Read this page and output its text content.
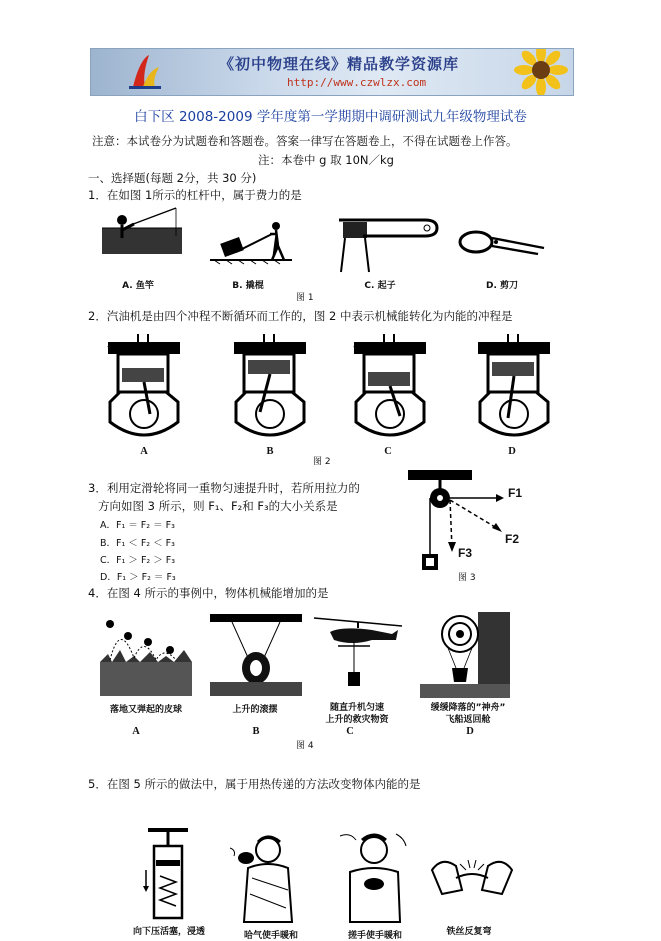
《初中物理在线》精品教学资源库
http://www.czwlzx.com
白下区 2008-2009 学年度第一学期期中调研测试九年级物理试卷
注意：本试卷分为试题卷和答题卷。答案一律写在答题卷上，不得在试题卷上作答。
注：本卷中 g 取 10N／kg
一、选择题(每题 2分，共 30 分)
1．在如图 1所示的杠杆中，属于费力的是
A. 鱼竿	B. 撬棍	C. 起子	D. 剪刀
图 1
2．汽油机是由四个冲程不断循环而工作的，图 2 中表示机械能转化为内能的冲程是
A	B	C	D
图 2
3．利用定滑轮将同一重物匀速提升时，若所用拉力的
方向如图 3 所示，则 F₁、F₂和 F₃的大小关系是
A．F₁ ＝ F₂ ＝ F₃
B．F₁ ＜ F₂ ＜ F₃
C．F₁ ＞ F₂ ＞ F₃
D．F₁ ＞ F₂ ＝ F₃
F1
F2
F3
图 3
4．在图 4 所示的事例中，物体机械能增加的是
落地又弹起的皮球	上升的滚摆	随直升机匀速
上升的救灾物资
缓缓降落的”神舟”
飞船返回舱
A	B	C	D
图 4
5．在图 5 所示的做法中，属于用热传递的方法改变物体内能的是
向下压活塞，浸透	哈气使手暖和	搓手使手暖和	铁丝反复弯
